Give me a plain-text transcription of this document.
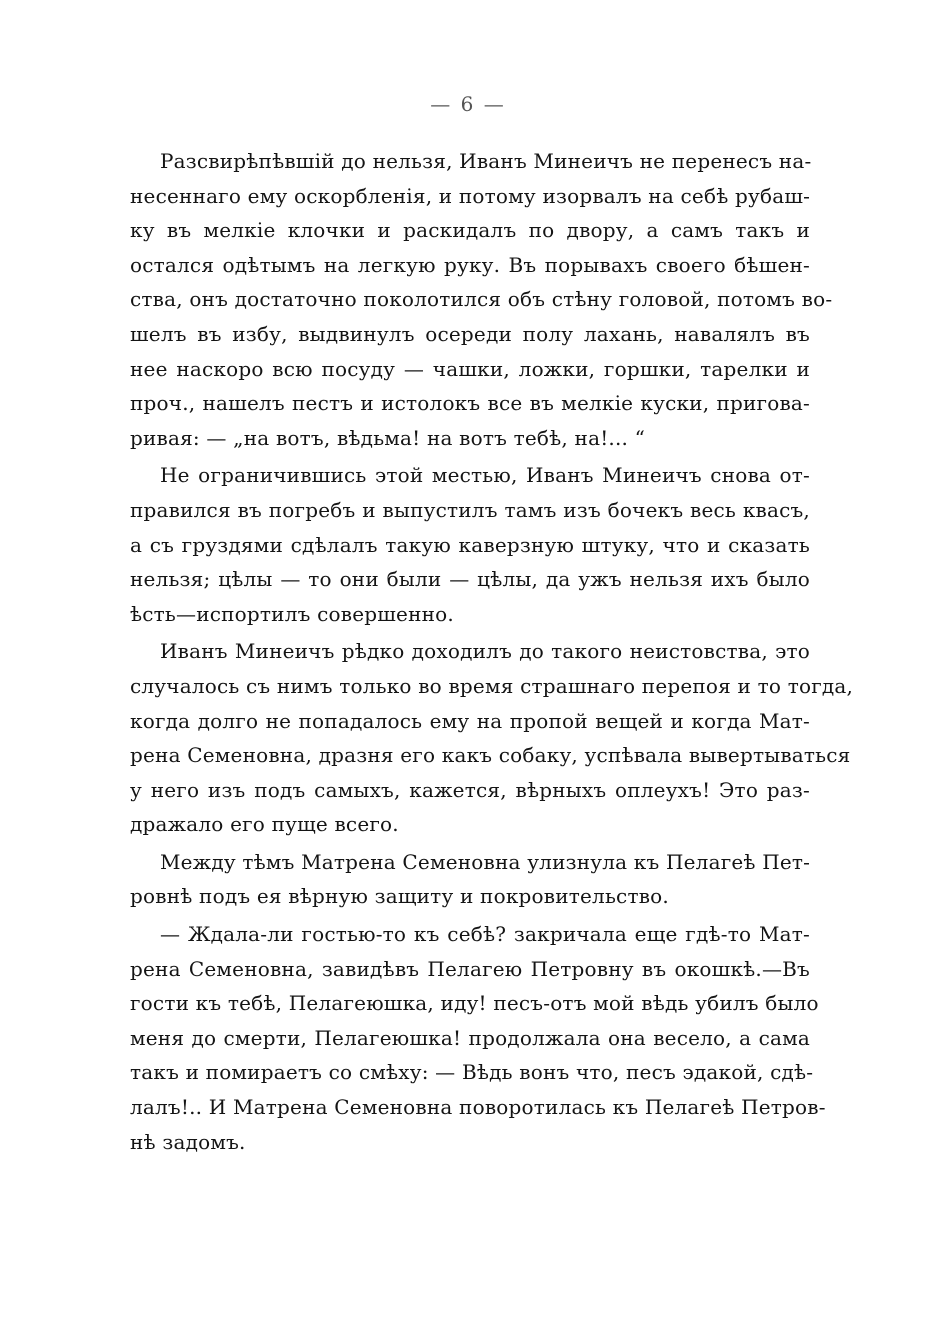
— 6 —
Разсвирѣпѣвшій до нельзя, Иванъ Минеичъ не перенесъ на-
несеннаго ему оскорбленія, и потому изорвалъ на себѣ рубаш-
ку въ мелкіе клочки и раскидалъ по двору, а самъ такъ и
остался одѣтымъ на легкую руку. Въ порывахъ своего бѣшен-
ства, онъ достаточно поколотился объ стѣну головой, потомъ во-
шелъ въ избу, выдвинулъ осереди полу лахань, навалялъ въ
нее наскоро всю посуду — чашки, ложки, горшки, тарелки и
проч., нашелъ пестъ и истолокъ все въ мелкіе куски, пригова-
ривая: — „на вотъ, вѣдьма! на вотъ тебѣ, на!... “
Не ограничившись этой местью, Иванъ Минеичъ снова от-
правился въ погребъ и выпустилъ тамъ изъ бочекъ весь квасъ,
а съ груздями сдѣлалъ такую каверзную штуку, что и сказать
нельзя; цѣлы — то они были — цѣлы, да ужъ нельзя ихъ было
ѣсть—испортилъ совершенно.
Иванъ Минеичъ рѣдко доходилъ до такого неистовства, это
случалось съ нимъ только во время страшнаго перепоя и то тогда,
когда долго не попадалось ему на пропой вещей и когда Мат-
рена Семеновна, дразня его какъ собаку, успѣвала вывертываться
у него изъ подъ самыхъ, кажется, вѣрныхъ оплеухъ! Это раз-
дражало его пуще всего.
Между тѣмъ Матрена Семеновна улизнула къ Пелагеѣ Пет-
ровнѣ подъ ея вѣрную защиту и покровительство.
— Ждала-ли гостью-то къ себѣ? закричала еще гдѣ-то Мат-
рена Семеновна, завидѣвъ Пелагею Петровну въ окошкѣ.—Въ
гости къ тебѣ, Пелагеюшка, иду! песъ-отъ мой вѣдь убилъ было
меня до смерти, Пелагеюшка! продолжала она весело, а сама
такъ и помираетъ со смѣху: — Вѣдь вонъ что, песъ эдакой, сдѣ-
лалъ!.. И Матрена Семеновна поворотилась къ Пелагеѣ Петров-
нѣ задомъ.
